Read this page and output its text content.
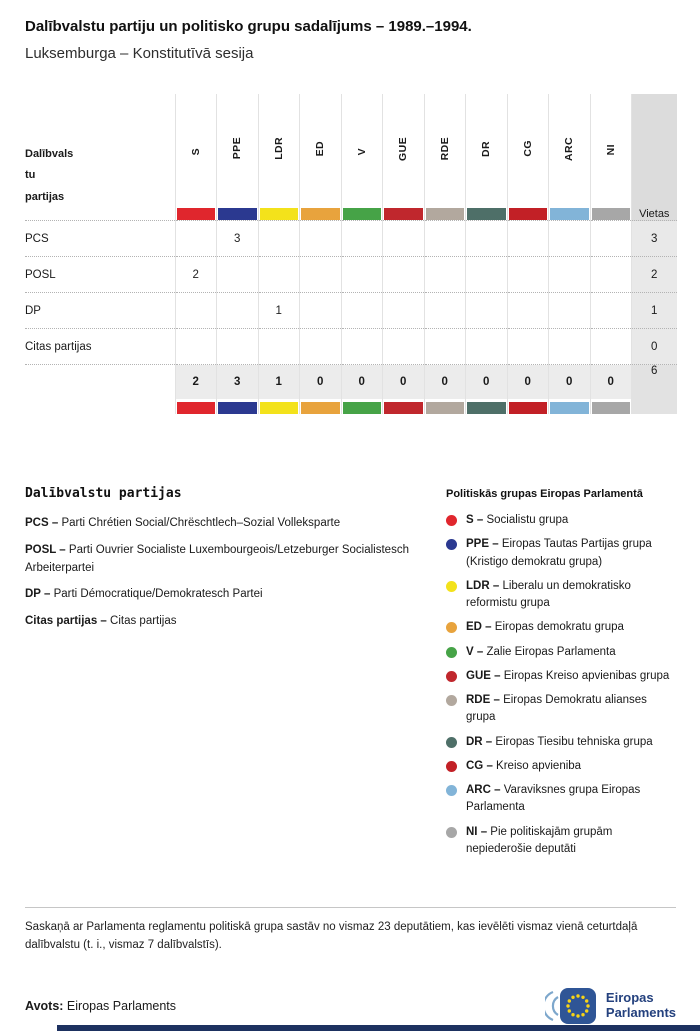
Dalībvalstu partiju un politisko grupu sadalījums – 1989.–1994.

Luksemburga – Konstitutīvā sesija

Dalībvals
tu
partijas	S	PPE	LDR	ED	V	GUE	RDE	DR	CG	ARC	NI	Vietas

PCS		3										3
POSL	2											2
DP			1									1
Citas partijas												0

	2	3	1	0	0	0	0	0	0	0	0	6
Dalībvalstu partijas
PCS – Parti Chrétien Social/Chrëschtlech–Sozial Volleksparte
POSL – Parti Ouvrier Socialiste Luxembourgeois/Letzeburger Socialistesch Arbeiterpartei
DP – Parti Démocratique/Demokratesch Partei
Citas partijas – Citas partijas
Politiskās grupas Eiropas Parlamentā
S – Socialistu grupa
PPE – Eiropas Tautas Partijas grupa (Kristigo demokratu grupa)
LDR – Liberalu un demokratisko reformistu grupa
ED – Eiropas demokratu grupa
V – Zalie Eiropas Parlamenta
GUE – Eiropas Kreiso apvienibas grupa
RDE – Eiropas Demokratu alianses grupa
DR – Eiropas Tiesibu tehniska grupa
CG – Kreiso apvieniba
ARC – Varaviksnes grupa Eiropas Parlamenta
NI – Pie politiskajām grupām nepiederošie deputāti
Saskaņā ar Parlamenta reglamentu politiskā grupa sastāv no vismaz 23 deputātiem, kas ievēlēti vismaz vienā ceturtdaļā dalībvalstu (t. i., vismaz 7 dalībvalstīs).
Avots: Eiropas Parlaments
Eiropas
Parlaments
